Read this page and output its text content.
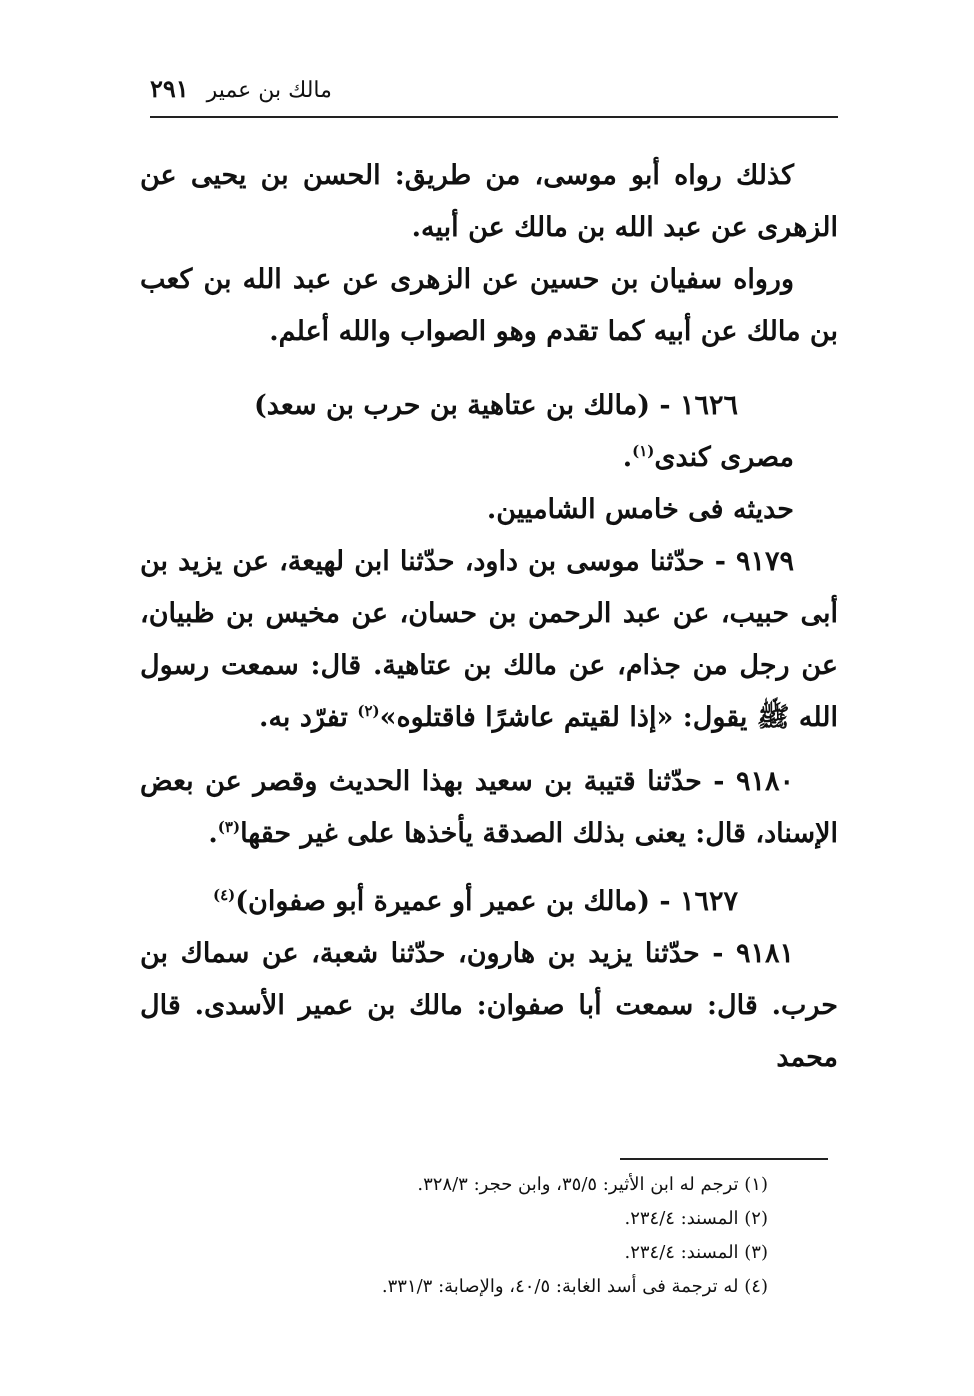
مالك بن عمير
٢٩١

كذلك رواه أبو موسى، من طريق: الحسن بن يحيى عن الزهرى عن عبد الله بن مالك عن أبيه.

ورواه سفيان بن حسين عن الزهرى عن عبد الله بن كعب بن مالك عن أبيه كما تقدم وهو الصواب والله أعلم.

١٦٢٦ - (مالك بن عتاهية بن حرب بن سعد)

مصرى كندى$^{(١)}$.

حديثه فى خامس الشاميين.

٩١٧٩ - حدّثنا موسى بن داود، حدّثنا ابن لهيعة، عن يزيد بن أبى حبيب، عن عبد الرحمن بن حسان، عن مخيس بن ظبيان، عن رجل من جذام، عن مالك بن عتاهية. قال: سمعت رسول الله ﷺ يقول: «إذا لقيتم عاشرًا فاقتلوه»$^{(٢)}$ تفرّد به.

٩١٨٠ - حدّثنا قتيبة بن سعيد بهذا الحديث وقصر عن بعض الإسناد، قال: يعنى بذلك الصدقة يأخذها على غير حقها$^{(٣)}$.

١٦٢٧ - (مالك بن عمير أو عميرة أبو صفوان)$^{(٤)}$

٩١٨١ - حدّثنا يزيد بن هارون، حدّثنا شعبة، عن سماك بن حرب. قال: سمعت أبا صفوان: مالك بن عمير الأسدى. قال محمد

(١) ترجم له ابن الأثير: ٣٥/٥، وابن حجر: ٣٢٨/٣.

(٢) المسند: ٢٣٤/٤.

(٣) المسند: ٢٣٤/٤.

(٤) له ترجمة فى أسد الغابة: ٤٠/٥، والإصابة: ٣٣١/٣.
